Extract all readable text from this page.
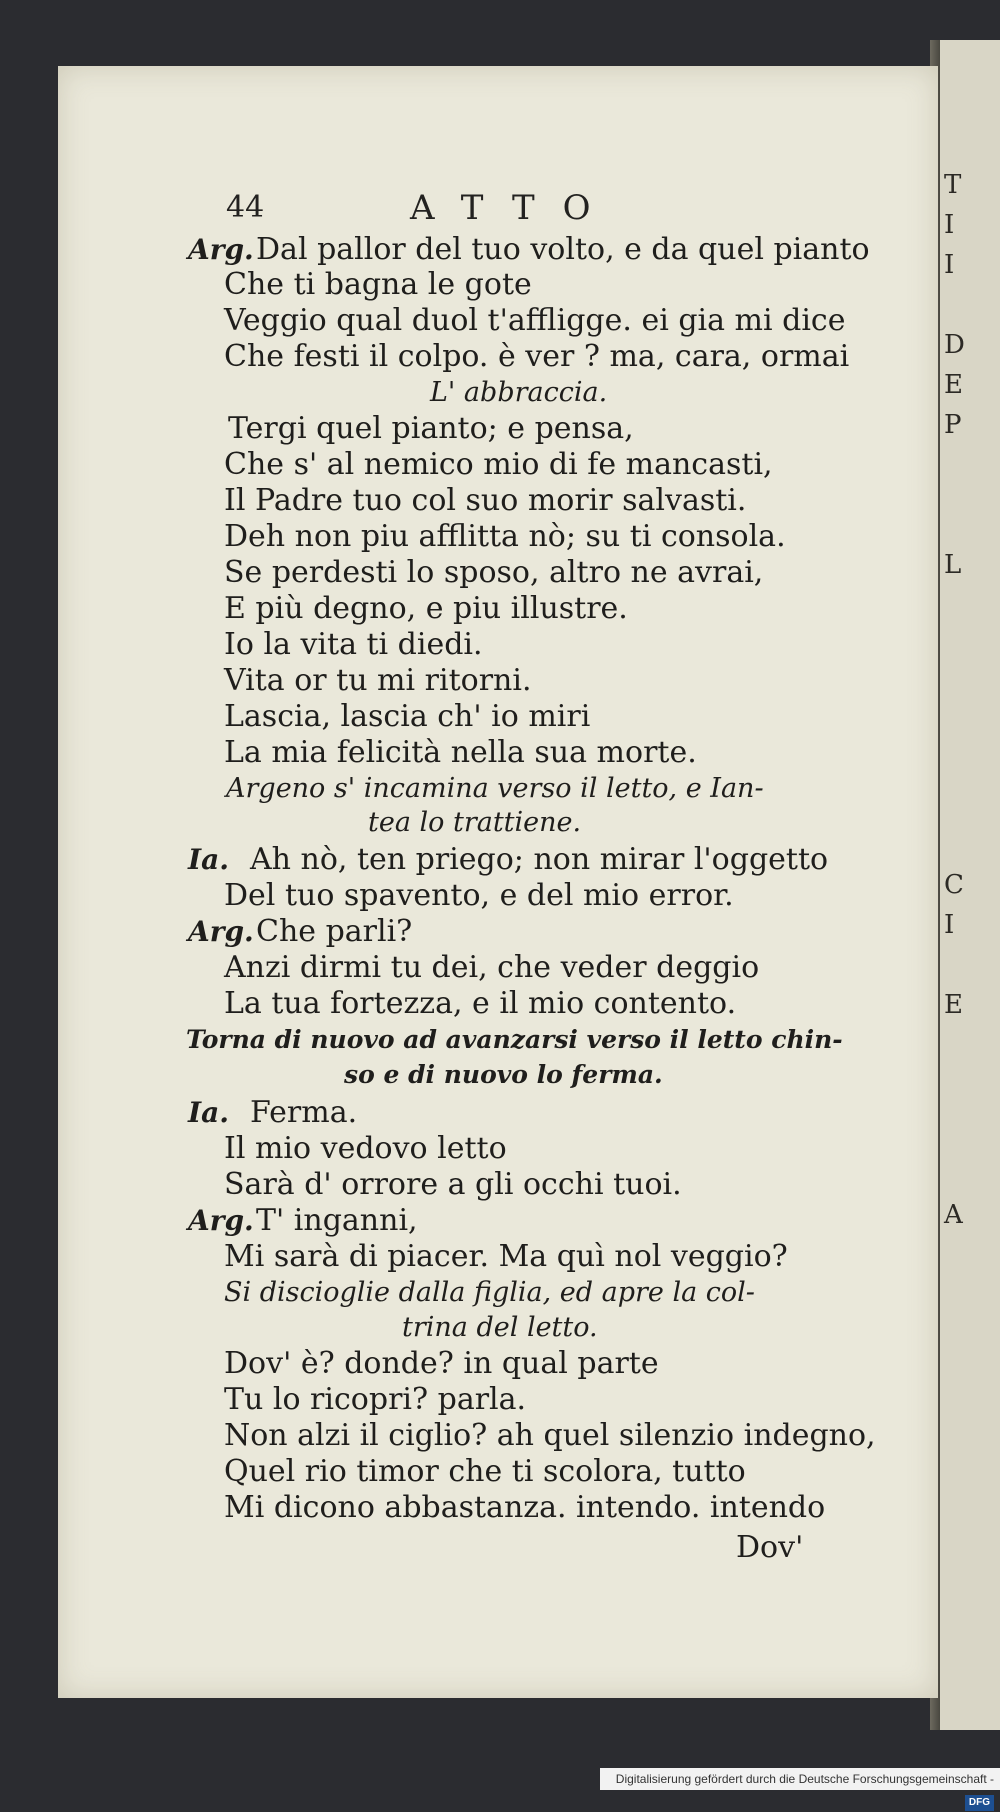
T
I
I
D
E
P
L
C
I
E
A
44	ATTO
Arg. Dal pallor del tuo volto, e da quel pianto
Che ti bagna le gote
Veggio qual duol t'affligge. ei gia mi dice
Che festi il colpo. è ver ? ma, cara, ormai
L' abbraccia.
Tergi quel pianto; e pensa,
Che s' al nemico mio di fe mancasti,
Il Padre tuo col suo morir salvasti.
Deh non piu afflitta nò; su ti consola.
Se perdesti lo sposo, altro ne avrai,
E più degno, e piu illustre.
Io la vita ti diedi.
Vita or tu mi ritorni.
Lascia, lascia ch' io miri
La mia felicità nella sua morte.
Argeno s' incamina verso il letto, e Ian-
tea lo trattiene.
Ia. Ah nò, ten priego; non mirar l'oggetto
Del tuo spavento, e del mio error.
Arg. Che parli?
Anzi dirmi tu dei, che veder deggio
La tua fortezza, e il mio contento.
Torna di nuovo ad avanzarsi verso il letto chin-
so e di nuovo lo ferma.
Ia. Ferma.
Il mio vedovo letto
Sarà d' orrore a gli occhi tuoi.
Arg. T' inganni,
Mi sarà di piacer. Ma quì nol veggio?
Si discioglie dalla figlia, ed apre la col-
trina del letto.
Dov' è? donde? in qual parte
Tu lo ricopri? parla.
Non alzi il ciglio? ah quel silenzio indegno,
Quel rio timor che ti scolora, tutto
Mi dicono abbastanza. intendo. intendo
Dov'
Digitalisierung gefördert durch die Deutsche Forschungsgemeinschaft -DFG
